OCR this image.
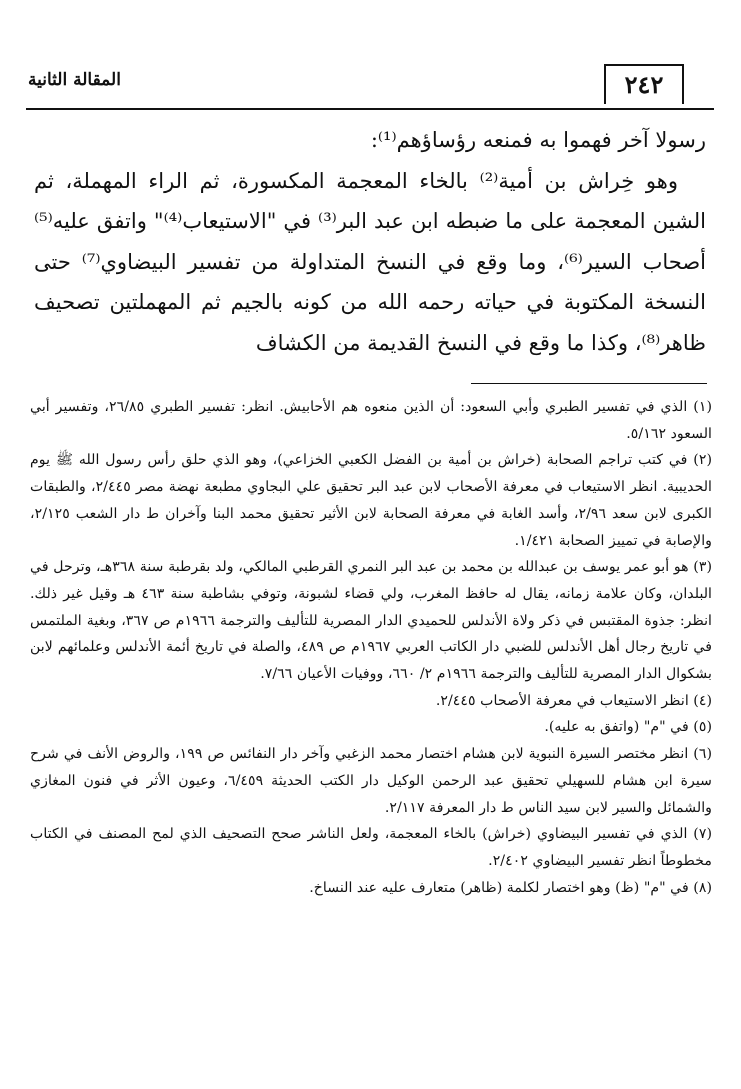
٢٤٢
المقالة الثانية

رسولا آخر فهموا به فمنعه رؤساؤهم⁽¹⁾:

وهو خِراش بن أمية⁽²⁾ بالخاء المعجمة المكسورة، ثم الراء المهملة، ثم الشين المعجمة على ما ضبطه ابن عبد البر⁽³⁾ في "الاستيعاب⁽⁴⁾" واتفق عليه⁽⁵⁾ أصحاب السير⁽⁶⁾، وما وقع في النسخ المتداولة من تفسير البيضاوي⁽⁷⁾ حتى النسخة المكتوبة في حياته رحمه الله من كونه بالجيم ثم المهملتين تصحيف ظاهر⁽⁸⁾، وكذا ما وقع في النسخ القديمة من الكشاف

(١) الذي في تفسير الطبري وأبي السعود: أن الذين منعوه هم الأحابيش. انظر: تفسير الطبري ٢٦/٨٥، وتفسير أبي السعود ٥/١٦٢.

(٢) في كتب تراجم الصحابة (خراش بن أمية بن الفضل الكعبي الخزاعي)، وهو الذي حلق رأس رسول الله ﷺ يوم الحديبية. انظر الاستيعاب في معرفة الأصحاب لابن عبد البر تحقيق علي البجاوي مطبعة نهضة مصر ٢/٤٤٥، والطبقات الكبرى لابن سعد ٢/٩٦، وأسد الغابة في معرفة الصحابة لابن الأثير تحقيق محمد البنا وآخران ط دار الشعب ٢/١٢٥، والإصابة في تمييز الصحابة ١/٤٢١.

(٣) هو أبو عمر يوسف بن عبدالله بن محمد بن عبد البر النمري القرطبي المالكي، ولد بقرطبة سنة ٣٦٨هـ، وترحل في البلدان، وكان علامة زمانه، يقال له حافظ المغرب، ولي قضاء لشبونة، وتوفي بشاطبة سنة ٤٦٣ هـ وقيل غير ذلك. انظر: جذوة المقتبس في ذكر ولاة الأندلس للحميدي الدار المصرية للتأليف والترجمة ١٩٦٦م ص ٣٦٧، وبغية الملتمس في تاريخ رجال أهل الأندلس للضبي دار الكاتب العربي ١٩٦٧م ص ٤٨٩، والصلة في تاريخ أئمة الأندلس وعلمائهم لابن بشكوال الدار المصرية للتأليف والترجمة ١٩٦٦م ٢/ ٦٦٠، ووفيات الأعيان ٧/٦٦.

(٤) انظر الاستيعاب في معرفة الأصحاب ٢/٤٤٥.

(٥) في "م" (واتفق به عليه).

(٦) انظر مختصر السيرة النبوية لابن هشام اختصار محمد الزغبي وآخر دار النفائس ص ١٩٩، والروض الأنف في شرح سيرة ابن هشام للسهيلي تحقيق عبد الرحمن الوكيل دار الكتب الحديثة ٦/٤٥٩، وعيون الأثر في فنون المغازي والشمائل والسير لابن سيد الناس ط دار المعرفة ٢/١١٧.

(٧) الذي في تفسير البيضاوي (خراش) بالخاء المعجمة، ولعل الناشر صحح التصحيف الذي لمح المصنف في الكتاب مخطوطاً انظر تفسير البيضاوي ٢/٤٠٢.

(٨) في "م" (ظ) وهو اختصار لكلمة (ظاهر) متعارف عليه عند النساخ.
